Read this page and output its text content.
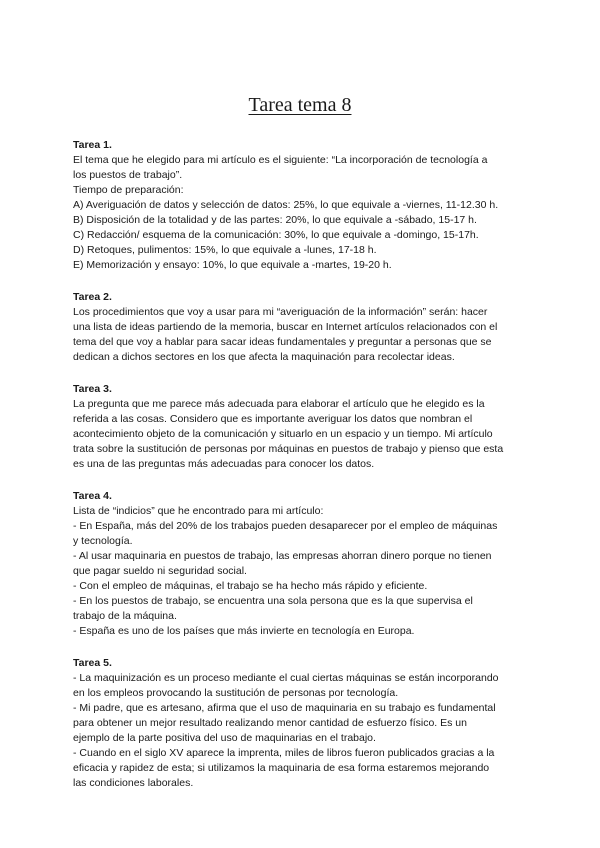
Tarea tema 8

Tarea 1.

El tema que he elegido para mi artículo es el siguiente: “La incorporación de tecnología a

los puestos de trabajo”.

Tiempo de preparación:

A) Averiguación de datos y selección de datos: 25%, lo que equivale a -viernes, 11-12.30 h.

B) Disposición de la totalidad y de las partes: 20%, lo que equivale a -sábado, 15-17 h.

C) Redacción/ esquema de la comunicación: 30%, lo que equivale a -domingo, 15-17h.

D) Retoques, pulimentos: 15%, lo que equivale a -lunes, 17-18 h.

E) Memorización y ensayo: 10%, lo que equivale a -martes, 19-20 h.

Tarea 2.

Los procedimientos que voy a usar para mi “averiguación de la información” serán: hacer

una lista de ideas partiendo de la memoria, buscar en Internet artículos relacionados con el

tema del que voy a hablar para sacar ideas fundamentales y preguntar a personas que se

dedican a dichos sectores en los que afecta la maquinación para recolectar ideas.

Tarea 3.

La pregunta que me parece más adecuada para elaborar el artículo que he elegido es la

referida a las cosas. Considero que es importante averiguar los datos que nombran el

acontecimiento objeto de la comunicación y situarlo en un espacio y un tiempo. Mi artículo

trata sobre la sustitución de personas por máquinas en puestos de trabajo y pienso que esta

es una de las preguntas más adecuadas para conocer los datos.

Tarea 4.

Lista de “indicios” que he encontrado para mi artículo:

- En España, más del 20% de los trabajos pueden desaparecer por el empleo de máquinas

y tecnología.

- Al usar maquinaria en puestos de trabajo, las empresas ahorran dinero porque no tienen

que pagar sueldo ni seguridad social.

- Con el empleo de máquinas, el trabajo se ha hecho más rápido y eficiente.

- En los puestos de trabajo, se encuentra una sola persona que es la que supervisa el

trabajo de la máquina.

- España es uno de los países que más invierte en tecnología en Europa.

Tarea 5.

- La maquinización es un proceso mediante el cual ciertas máquinas se están incorporando

en los empleos provocando la sustitución de personas por tecnología.

- Mi padre, que es artesano, afirma que el uso de maquinaria en su trabajo es fundamental

para obtener un mejor resultado realizando menor cantidad de esfuerzo físico. Es un

ejemplo de la parte positiva del uso de maquinarias en el trabajo.

- Cuando en el siglo XV aparece la imprenta, miles de libros fueron publicados gracias a la

eficacia y rapidez de esta; si utilizamos la maquinaria de esa forma estaremos mejorando

las condiciones laborales.
